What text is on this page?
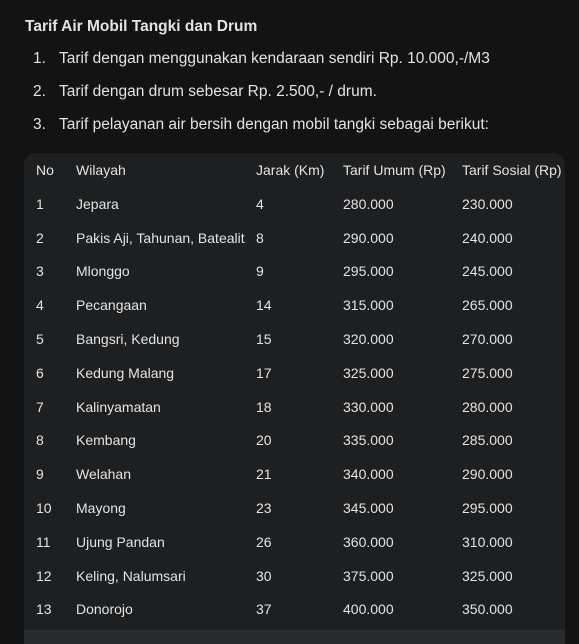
Tarif Air Mobil Tangki dan Drum
1. Tarif dengan menggunakan kendaraan sendiri Rp. 10.000,-/M3
2. Tarif dengan drum sebesar Rp. 2.500,- / drum.
3. Tarif pelayanan air bersih dengan mobil tangki sebagai berikut:
No	Wilayah	Jarak (Km)	Tarif Umum (Rp)	Tarif Sosial (Rp)
1	Jepara	4	280.000	230.000
2	Pakis Aji, Tahunan, Batealit	8	290.000	240.000
3	Mlonggo	9	295.000	245.000
4	Pecangaan	14	315.000	265.000
5	Bangsri, Kedung	15	320.000	270.000
6	Kedung Malang	17	325.000	275.000
7	Kalinyamatan	18	330.000	280.000
8	Kembang	20	335.000	285.000
9	Welahan	21	340.000	290.000
10	Mayong	23	345.000	295.000
11	Ujung Pandan	26	360.000	310.000
12	Keling, Nalumsari	30	375.000	325.000
13	Donorojo	37	400.000	350.000
